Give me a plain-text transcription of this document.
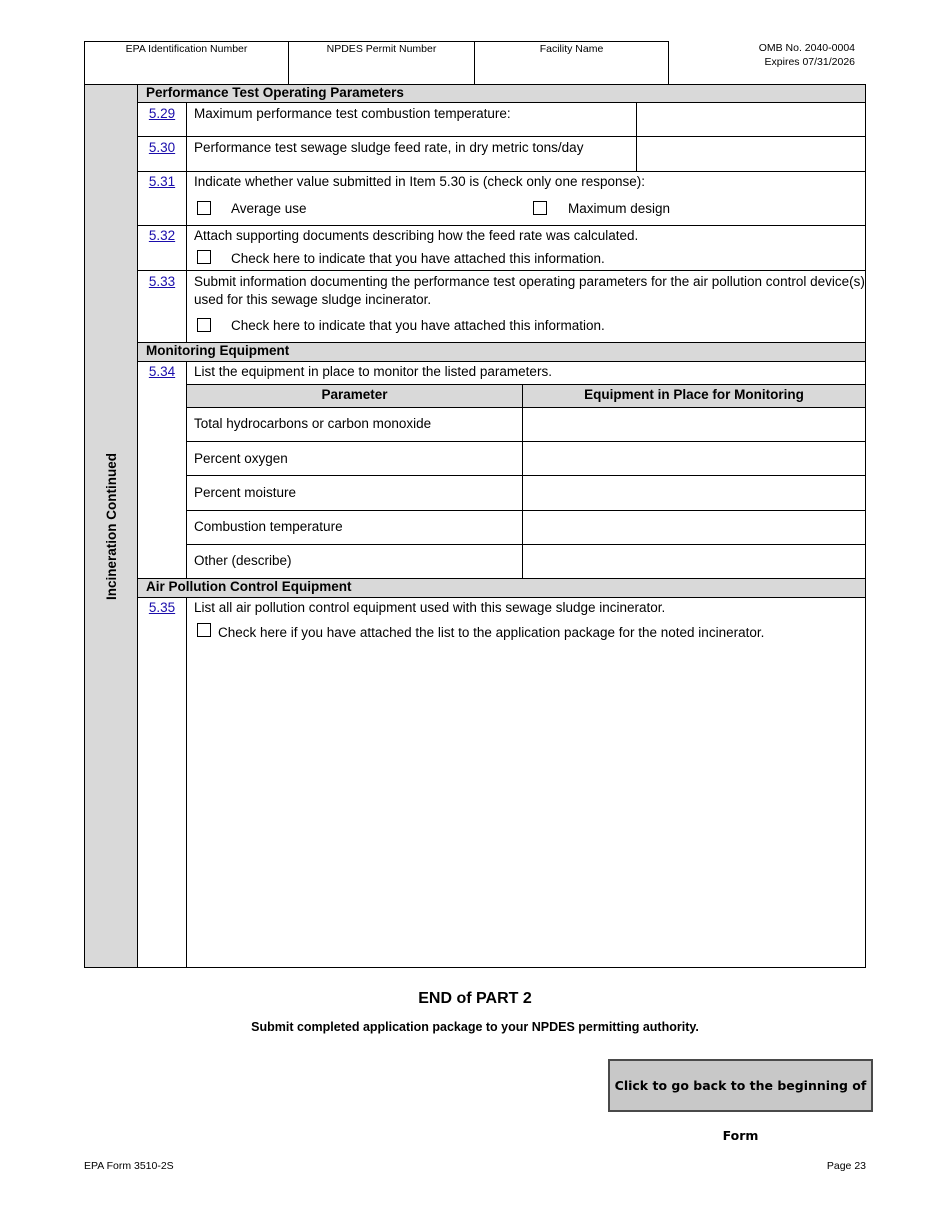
EPA Identification Number	NPDES Permit Number	Facility Name	OMB No. 2040-0004
Expires 07/31/2026
Incineration Continued
Performance Test Operating Parameters
5.29	Maximum performance test combustion temperature:
5.30	Performance test sewage sludge feed rate, in dry metric tons/day
5.31	Indicate whether value submitted in Item 5.30 is (check only one response):
Average use	Maximum design
5.32	Attach supporting documents describing how the feed rate was calculated.
Check here to indicate that you have attached this information.
5.33	Submit information documenting the performance test operating parameters for the air pollution control device(s)
used for this sewage sludge incinerator.
Check here to indicate that you have attached this information.
Monitoring Equipment
5.34	List the equipment in place to monitor the listed parameters.
Parameter	Equipment in Place for Monitoring
Total hydrocarbons or carbon monoxide
Percent oxygen
Percent moisture
Combustion temperature
Other (describe)
Air Pollution Control Equipment
5.35	List all air pollution control equipment used with this sewage sludge incinerator.
Check here if you have attached the list to the application package for the noted incinerator.
END of PART 2
Submit completed application package to your NPDES permitting authority.
Click to go back to the beginning of Form
EPA Form 3510-2S	Page 23
